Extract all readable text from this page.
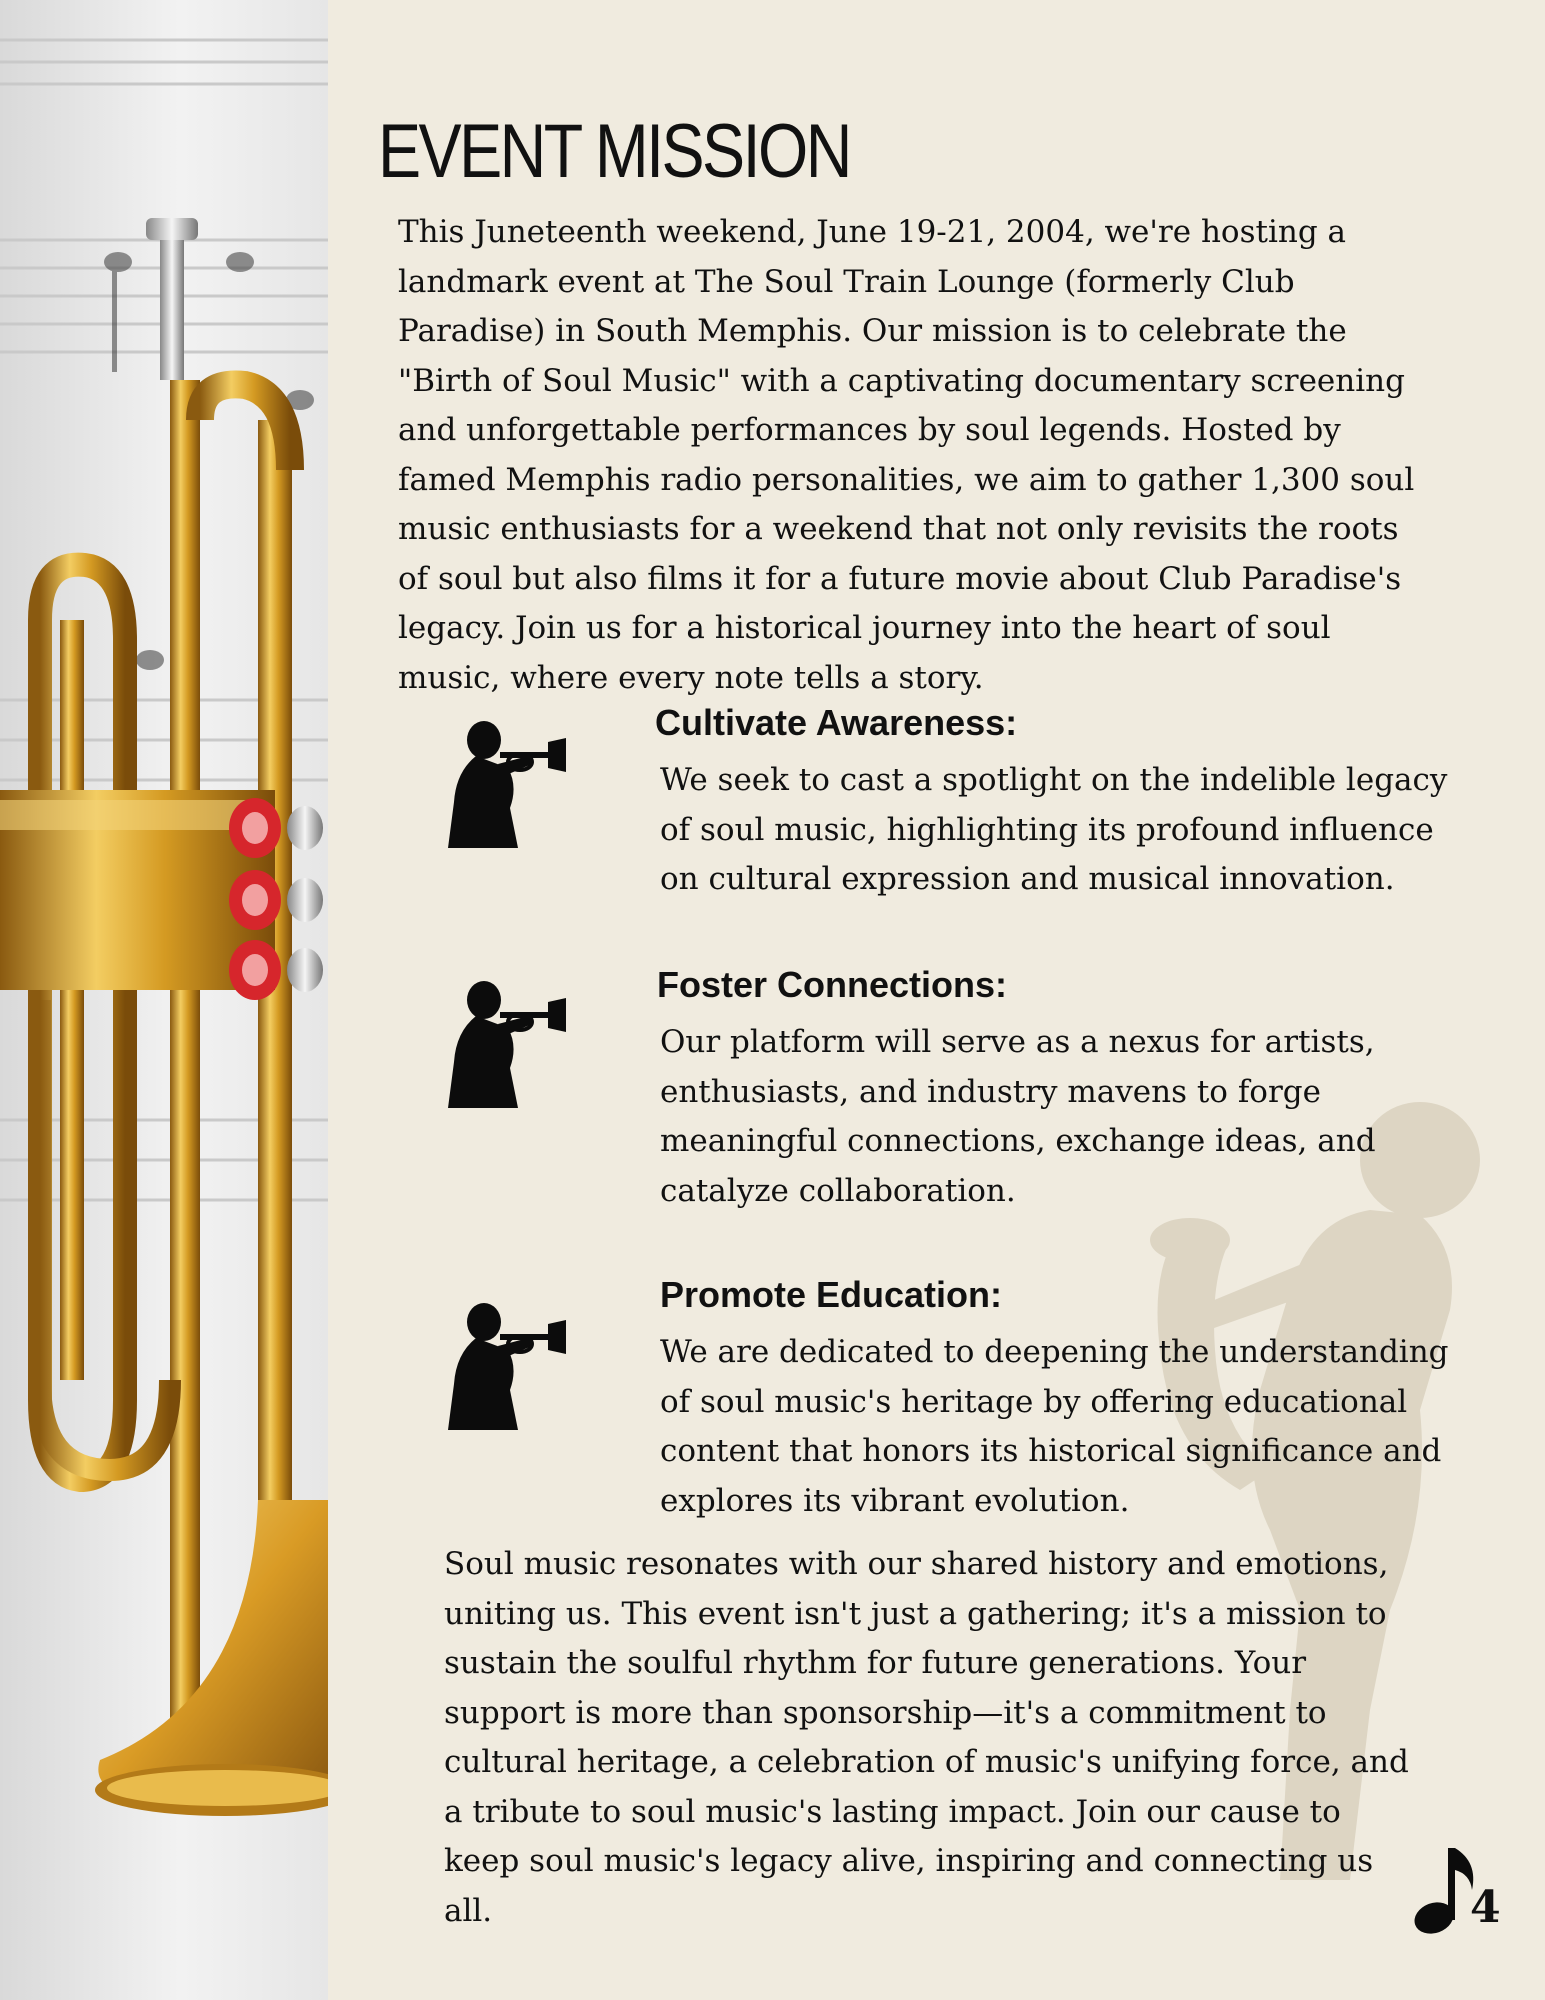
EVENT MISSION

This Juneteenth weekend, June 19-21, 2004, we're hosting a landmark event at The Soul Train Lounge (formerly Club Paradise) in South Memphis. Our mission is to celebrate the "Birth of Soul Music" with a captivating documentary screening and unforgettable performances by soul legends. Hosted by famed Memphis radio personalities, we aim to gather 1,300 soul music enthusiasts for a weekend that not only revisits the roots of soul but also films it for a future movie about Club Paradise's legacy. Join us for a historical journey into the heart of soul music, where every note tells a story.

Cultivate Awareness:

We seek to cast a spotlight on the indelible legacy of soul music, highlighting its profound influence on cultural expression and musical innovation.

Foster Connections:

Our platform will serve as a nexus for artists, enthusiasts, and industry mavens to forge meaningful connections, exchange ideas, and catalyze collaboration.

Promote Education:

We are dedicated to deepening the understanding of soul music's heritage by offering educational content that honors its historical significance and explores its vibrant evolution.

Soul music resonates with our shared history and emotions, uniting us. This event isn't just a gathering; it's a mission to sustain the soulful rhythm for future generations. Your support is more than sponsorship—it's a commitment to cultural heritage, a celebration of music's unifying force, and a tribute to soul music's lasting impact. Join our cause to keep soul music's legacy alive, inspiring and connecting us all.	4
